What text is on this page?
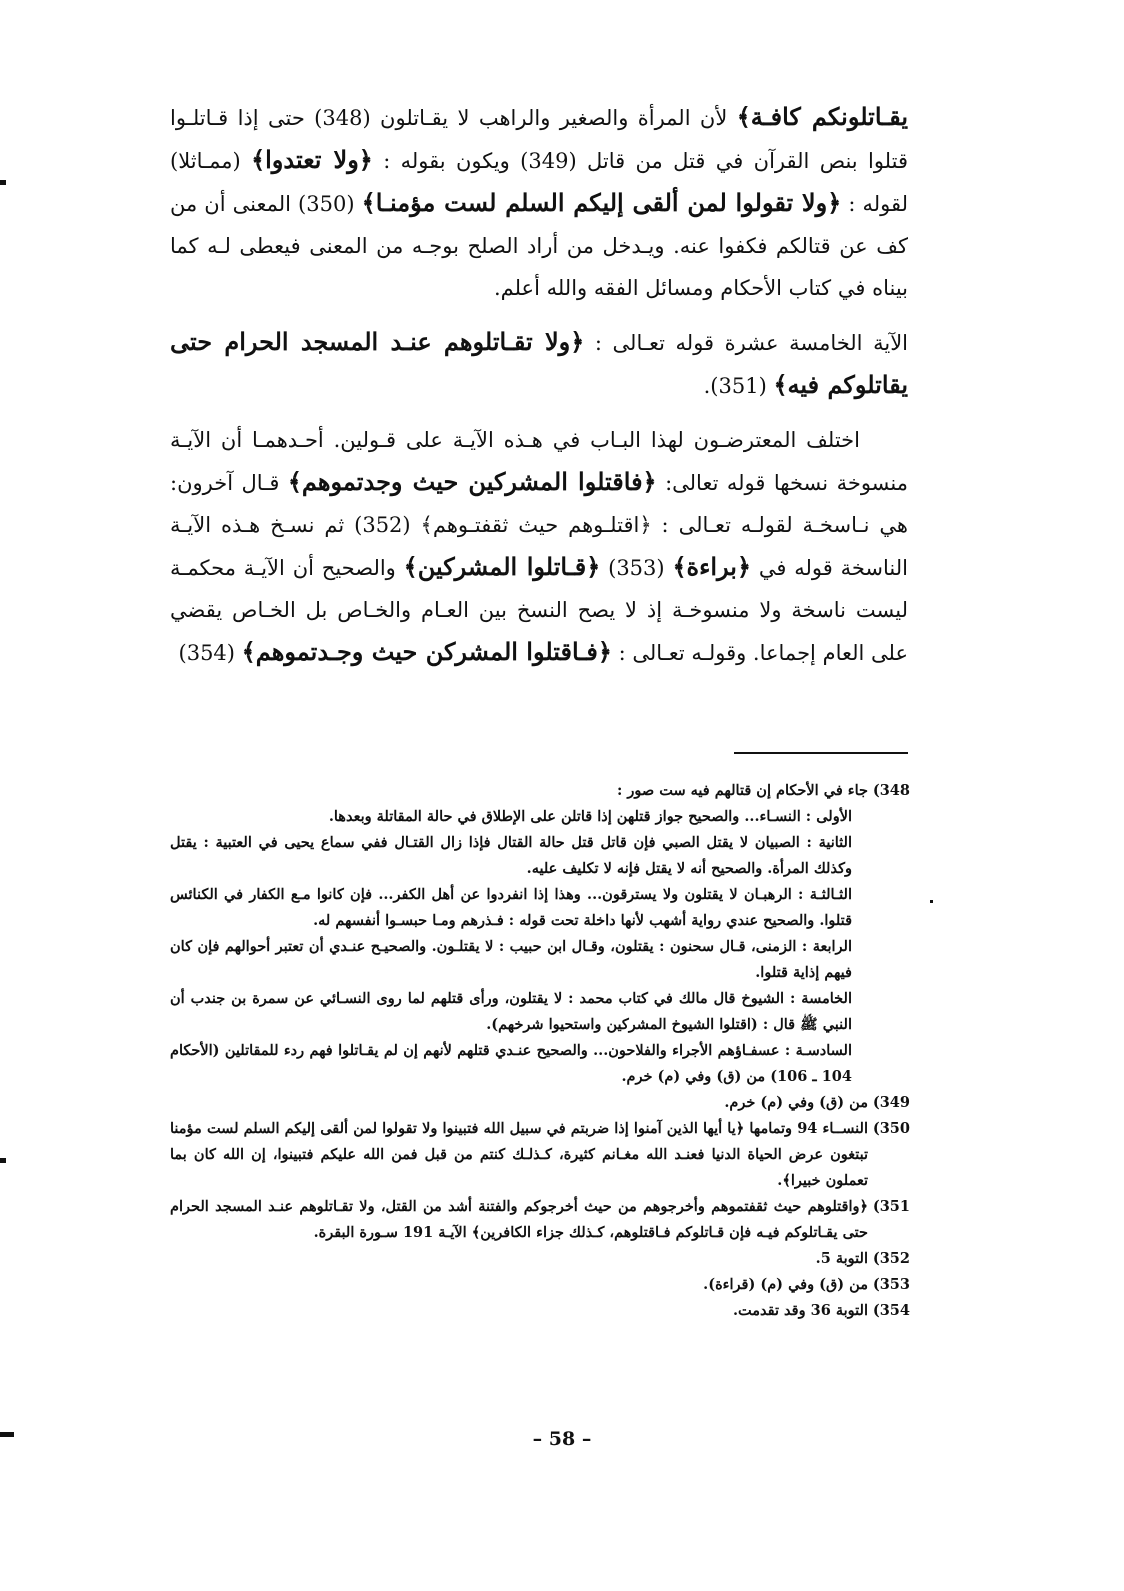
يقـاتلونكم كافـة﴾ لأن المرأة والصغير والراهب لا يقـاتلون (348) حتى إذا قـاتلـوا قتلوا بنص القرآن في قتل من قاتل (349) ويكون بقوله : ﴿ولا تعتدوا﴾ (ممـاثلا) لقوله : ﴿ولا تقولوا لمن ألقى إليكم السلم لست مؤمنـا﴾ (350) المعنى أن من كف عن قتالكم فكفوا عنه. ويـدخل من أراد الصلح بوجـه من المعنى فيعطى لـه كما بيناه في كتاب الأحكام ومسائل الفقه والله أعلم.

الآية الخامسة عشرة قوله تعـالى : ﴿ولا تقـاتلوهم عنـد المسجد الحرام حتى يقاتلوكم فيه﴾ (351).

اختلف المعترضـون لهذا البـاب في هـذه الآيـة على قـولين. أحـدهمـا أن الآيـة منسوخة نسخها قوله تعالى: ﴿فاقتلوا المشركين حيث وجدتموهم﴾ قـال آخرون: هي نـاسخـة لقولـه تعـالى : ﴿اقتلـوهم حيث ثقفتـوهم﴾ (352) ثم نسـخ هـذه الآيـة الناسخة قوله في ﴿براءة﴾ (353) ﴿قـاتلوا المشركين﴾ والصحيح أن الآيـة محكمـة ليست ناسخة ولا منسوخـة إذ لا يصح النسخ بين العـام والخـاص بل الخـاص يقضي على العام إجماعا. وقولـه تعـالى : ﴿فـاقتلوا المشركن حيث وجـدتموهم﴾ (354)

(348
جاء في الأحكام إن قتالهم فيه ست صور :
الأولى : النسـاء... والصحيح جواز قتلهن إذا قاتلن على الإطلاق في حالة المقاتلة وبعدها.
الثانية : الصبيان لا يقتل الصبي فإن قاتل قتل حالة القتال فإذا زال القتـال ففي سماع يحيى في العتبية : يقتل وكذلك المرأة. والصحيح أنه لا يقتل فإنه لا تكليف عليه.
الثـالثـة : الرهبـان لا يقتلون ولا يسترقون... وهذا إذا انفردوا عن أهل الكفر... فإن كانوا مـع الكفار في الكنائس قتلوا. والصحيح عندي رواية أشهب لأنها داخلة تحت قوله : فـذرهم ومـا حبسـوا أنفسهم له.
الرابعة : الزمنى، قـال سحنون : يقتلون، وقـال ابن حبيب : لا يقتلـون. والصحيـح عنـدي أن تعتبر أحوالهم فإن كان فيهم إذاية قتلوا.
الخامسة : الشيوخ قال مالك في كتاب محمد : لا يقتلون، ورأى قتلهم لما روى النسـائي عن سمرة بن جندب أن النبي ﷺ قال : (اقتلوا الشيوخ المشركين واستحيوا شرخهم).
السادسـة : عسفـاؤهم الأجراء والفلاحون... والصحيح عنـدي قتلهم لأنهم إن لم يقـاتلوا فهم ردء للمقاتلين (الأحكام 104 ـ 106) من (ق) وفي (م) خرم.
(349
من (ق) وفي (م) خرم.
(350
النســاء 94 وتمامها ﴿يا أيها الذين آمنوا إذا ضربتم في سبيل الله فتبينوا ولا تقولوا لمن ألقى إليكم السلم لست مؤمنا تبتغون عرض الحياة الدنيا فعنـد الله مغـانم كثيرة، كـذلـك كنتم من قبل فمن الله عليكم فتبينوا، إن الله كان بما تعملون خبيرا﴾.
(351
﴿واقتلوهم حيث ثقفتموهم وأخرجوهم من حيث أخرجوكم والفتنة أشد من القتل، ولا تقـاتلوهم عنـد المسجد الحرام حتى يقـاتلوكم فيـه فإن قـاتلوكم فـاقتلوهم، كـذلك جزاء الكافرين﴾ الآيـة 191 سـورة البقرة.
(352
التوبة 5.
(353
من (ق) وفي (م) (قراءة).
(354
التوبة 36 وقد تقدمت.
– 58 –
